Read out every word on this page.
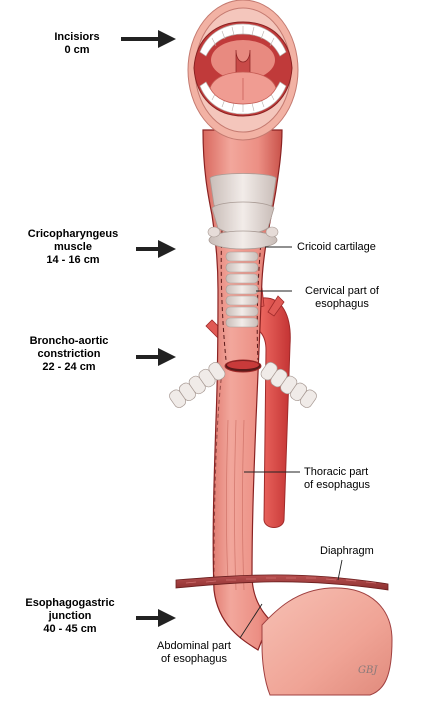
Incisiors
0 cm
Cricopharyngeus
muscle
14 - 16 cm
Broncho-aortic
constriction
22 - 24 cm
Esophagogastric
junction
40 - 45 cm
Cricoid cartilage
Cervical part of
esophagus
Thoracic part
of esophagus
Diaphragm
Abdominal part
of esophagus
GBJ
